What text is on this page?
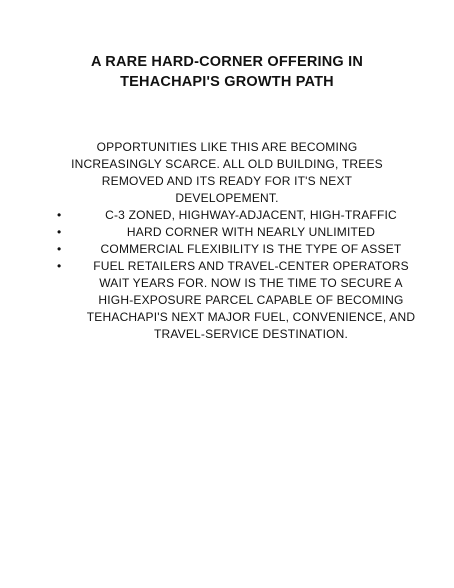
A RARE HARD-CORNER OFFERING IN
TEHACHAPI'S GROWTH PATH
OPPORTUNITIES LIKE THIS ARE BECOMING
INCREASINGLY SCARCE. ALL OLD BUILDING, TREES
REMOVED AND ITS READY FOR IT'S NEXT
DEVELOPEMENT.
•	C-3 ZONED, HIGHWAY-ADJACENT, HIGH-TRAFFIC
•	HARD CORNER WITH NEARLY UNLIMITED
•	COMMERCIAL FLEXIBILITY IS THE TYPE OF ASSET
•	FUEL RETAILERS AND TRAVEL-CENTER OPERATORS
WAIT YEARS FOR. NOW IS THE TIME TO SECURE A
HIGH-EXPOSURE PARCEL CAPABLE OF BECOMING
TEHACHAPI'S NEXT MAJOR FUEL, CONVENIENCE, AND
TRAVEL-SERVICE DESTINATION.
